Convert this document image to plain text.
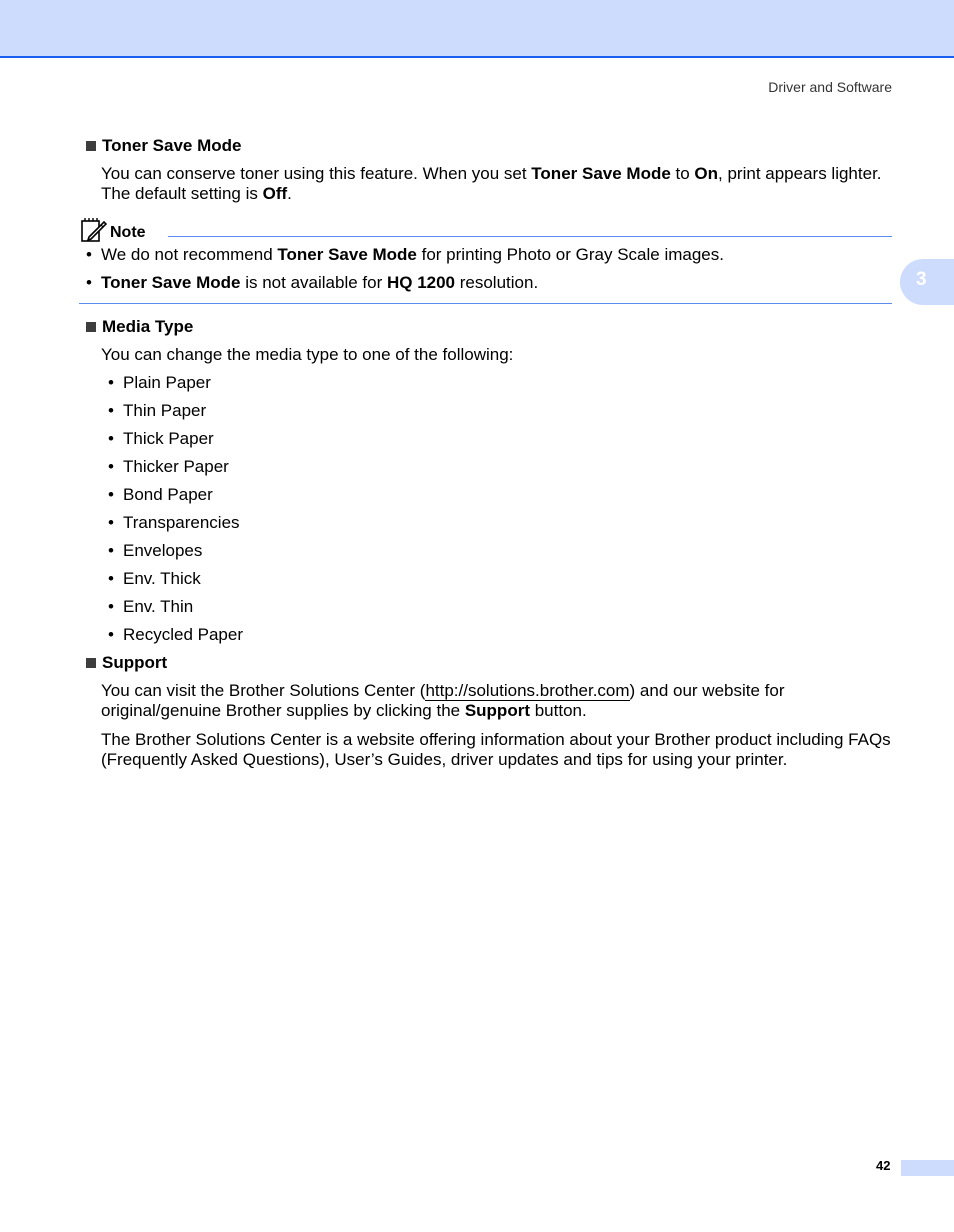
Driver and Software
3
Toner Save Mode
You can conserve toner using this feature. When you set Toner Save Mode to On, print appears lighter.
The default setting is Off.
Note
• We do not recommend Toner Save Mode for printing Photo or Gray Scale images.
• Toner Save Mode is not available for HQ 1200 resolution.
Media Type
You can change the media type to one of the following:
• Plain Paper
• Thin Paper
• Thick Paper
• Thicker Paper
• Bond Paper
• Transparencies
• Envelopes
• Env. Thick
• Env. Thin
• Recycled Paper
Support
You can visit the Brother Solutions Center (http://solutions.brother.com) and our website for
original/genuine Brother supplies by clicking the Support button.
The Brother Solutions Center is a website offering information about your Brother product including FAQs
(Frequently Asked Questions), User’s Guides, driver updates and tips for using your printer.
42
